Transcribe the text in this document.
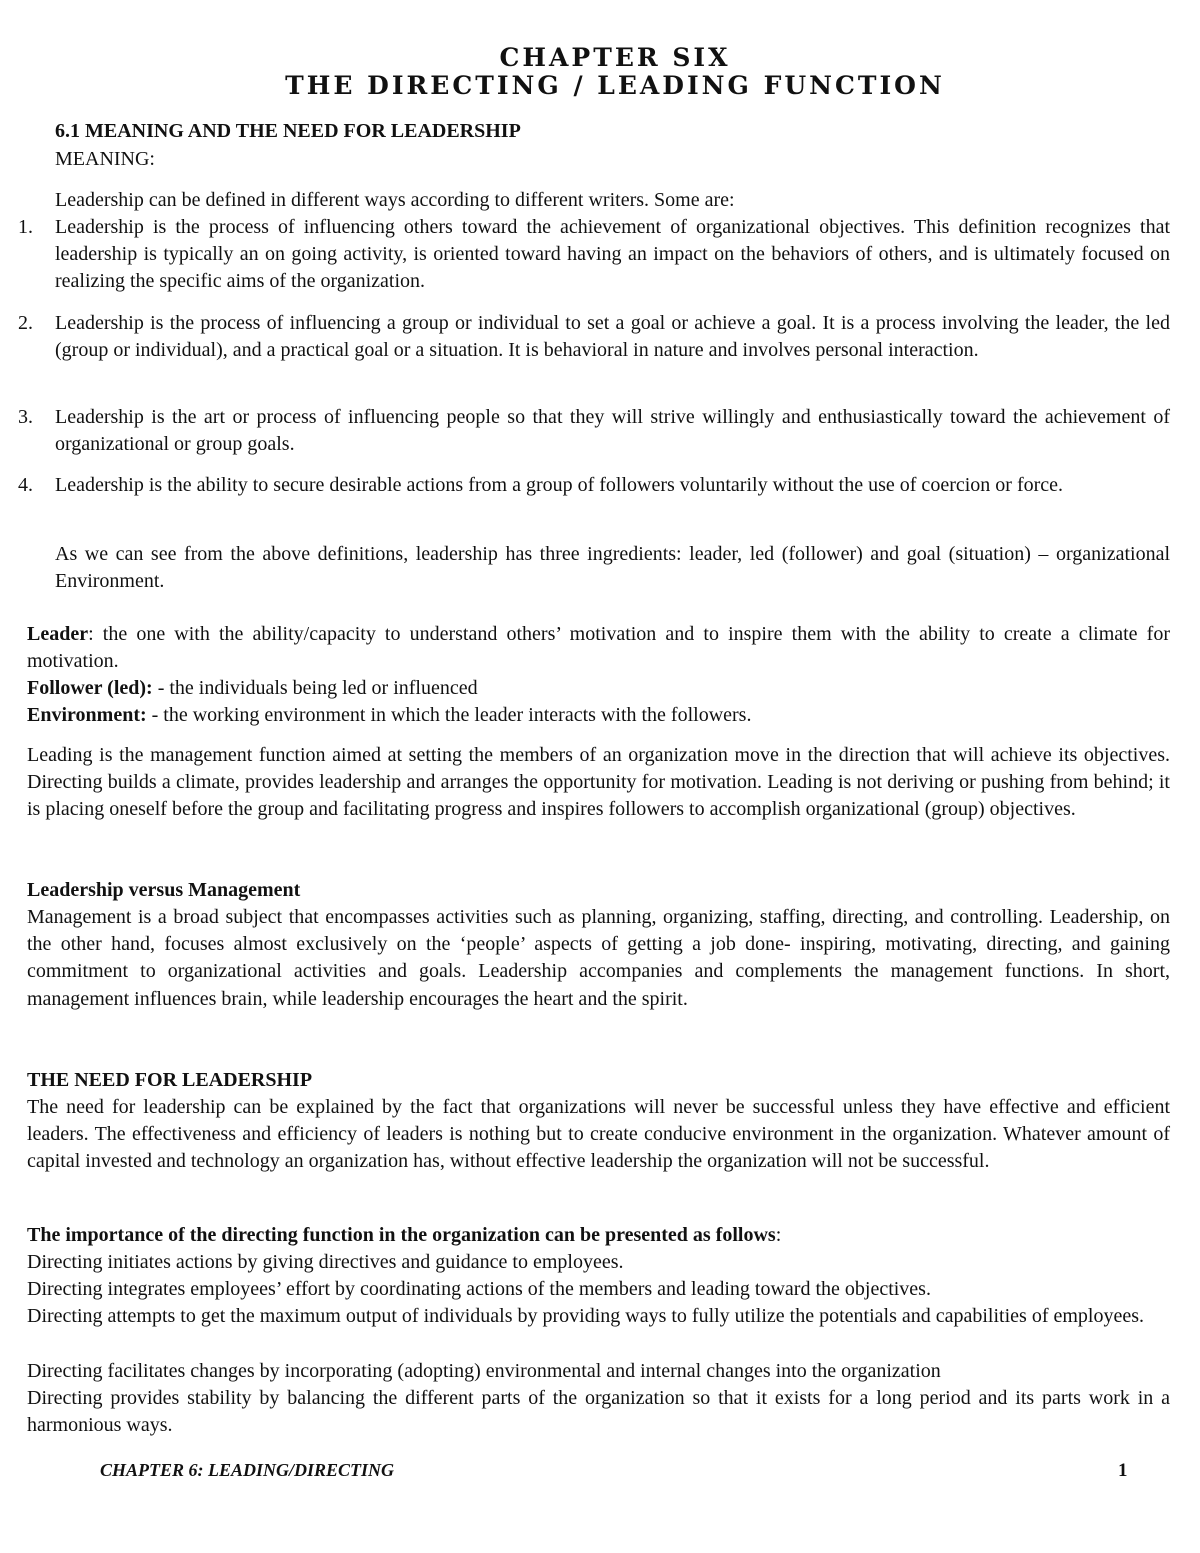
CHAPTER SIX

THE DIRECTING / LEADING FUNCTION

6.1 MEANING AND THE NEED FOR LEADERSHIP

MEANING:

Leadership can be defined in different ways according to different writers. Some are:

1. Leadership is the process of influencing others toward the achievement of organizational objectives. This definition recognizes that leadership is typically an on going activity, is oriented toward having an impact on the behaviors of others, and is ultimately focused on realizing the specific aims of the organization.

2. Leadership is the process of influencing a group or individual to set a goal or achieve a goal. It is a process involving the leader, the led (group or individual), and a practical goal or a situation. It is behavioral in nature and involves personal interaction.

3. Leadership is the art or process of influencing people so that they will strive willingly and enthusiastically toward the achievement of organizational or group goals.

4. Leadership is the ability to secure desirable actions from a group of followers voluntarily without the use of coercion or force.

As we can see from the above definitions, leadership has three ingredients: leader, led (follower) and goal (situation) – organizational Environment.

Leader: the one with the ability/capacity to understand others’ motivation and to inspire them with the ability to create a climate for motivation.

Follower (led): - the individuals being led or influenced

Environment: - the working environment in which the leader interacts with the followers.

Leading is the management function aimed at setting the members of an organization move in the direction that will achieve its objectives. Directing builds a climate, provides leadership and arranges the opportunity for motivation. Leading is not deriving or pushing from behind; it is placing oneself before the group and facilitating progress and inspires followers to accomplish organizational (group) objectives.

Leadership versus Management

Management is a broad subject that encompasses activities such as planning, organizing, staffing, directing, and controlling. Leadership, on the other hand, focuses almost exclusively on the ‘people’ aspects of getting a job done- inspiring, motivating, directing, and gaining commitment to organizational activities and goals. Leadership accompanies and complements the management functions. In short, management influences brain, while leadership encourages the heart and the spirit.

THE NEED FOR LEADERSHIP

The need for leadership can be explained by the fact that organizations will never be successful unless they have effective and efficient leaders. The effectiveness and efficiency of leaders is nothing but to create conducive environment in the organization. Whatever amount of capital invested and technology an organization has, without effective leadership the organization will not be successful.

The importance of the directing function in the organization can be presented as follows:

Directing initiates actions by giving directives and guidance to employees.

Directing integrates employees’ effort by coordinating actions of the members and leading toward the objectives.

Directing attempts to get the maximum output of individuals by providing ways to fully utilize the potentials and capabilities of employees.

Directing facilitates changes by incorporating (adopting) environmental and internal changes into the organization

Directing provides stability by balancing the different parts of the organization so that it exists for a long period and its parts work in a harmonious ways.

CHAPTER 6: LEADING/DIRECTING	1
